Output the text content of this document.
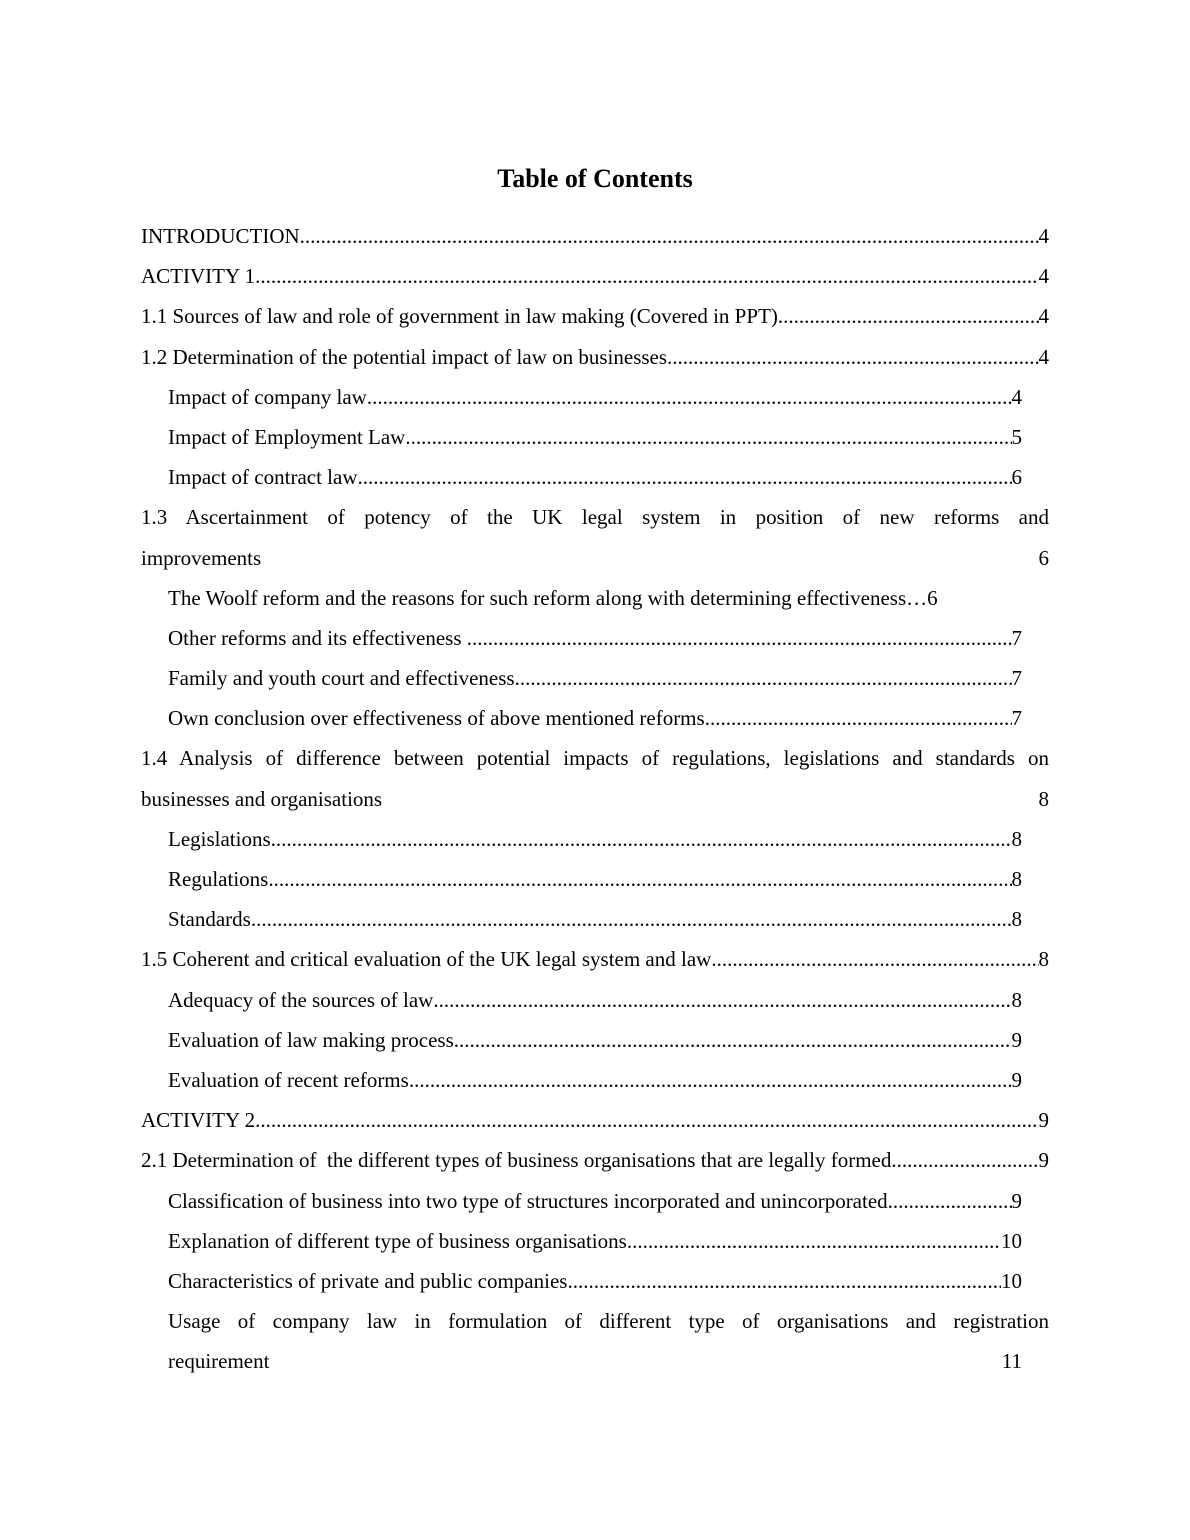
Table of Contents
INTRODUCTION .....	4
ACTIVITY 1 .....	4
1.1 Sources of law and role of government in law making (Covered in PPT) .....	4
1.2 Determination of the potential impact of law on businesses .....	4
Impact of company law .....	4
Impact of Employment Law .....	5
Impact of contract law .....	6
1.3 Ascertainment of potency of the UK legal system in position of new reforms and
improvements	6
The Woolf reform and the reasons for such reform along with determining effectiveness… 6
Other reforms and its effectiveness .....	7
Family and youth court and effectiveness .....	7
Own conclusion over effectiveness of above mentioned reforms .....	7
1.4 Analysis of difference between potential impacts of regulations, legislations and standards on
businesses and organisations	8
Legislations .....	8
Regulations .....	8
Standards .....	8
1.5 Coherent and critical evaluation of the UK legal system and law .....	8
Adequacy of the sources of law .....	8
Evaluation of law making process .....	9
Evaluation of recent reforms .....	9
ACTIVITY 2 .....	9
2.1 Determination of  the different types of business organisations that are legally formed .....	9
Classification of business into two type of structures incorporated and unincorporated .....	9
Explanation of different type of business organisations .....	10
Characteristics of private and public companies .....	10
Usage of company law in formulation of different type of organisations and registration
requirement	11
